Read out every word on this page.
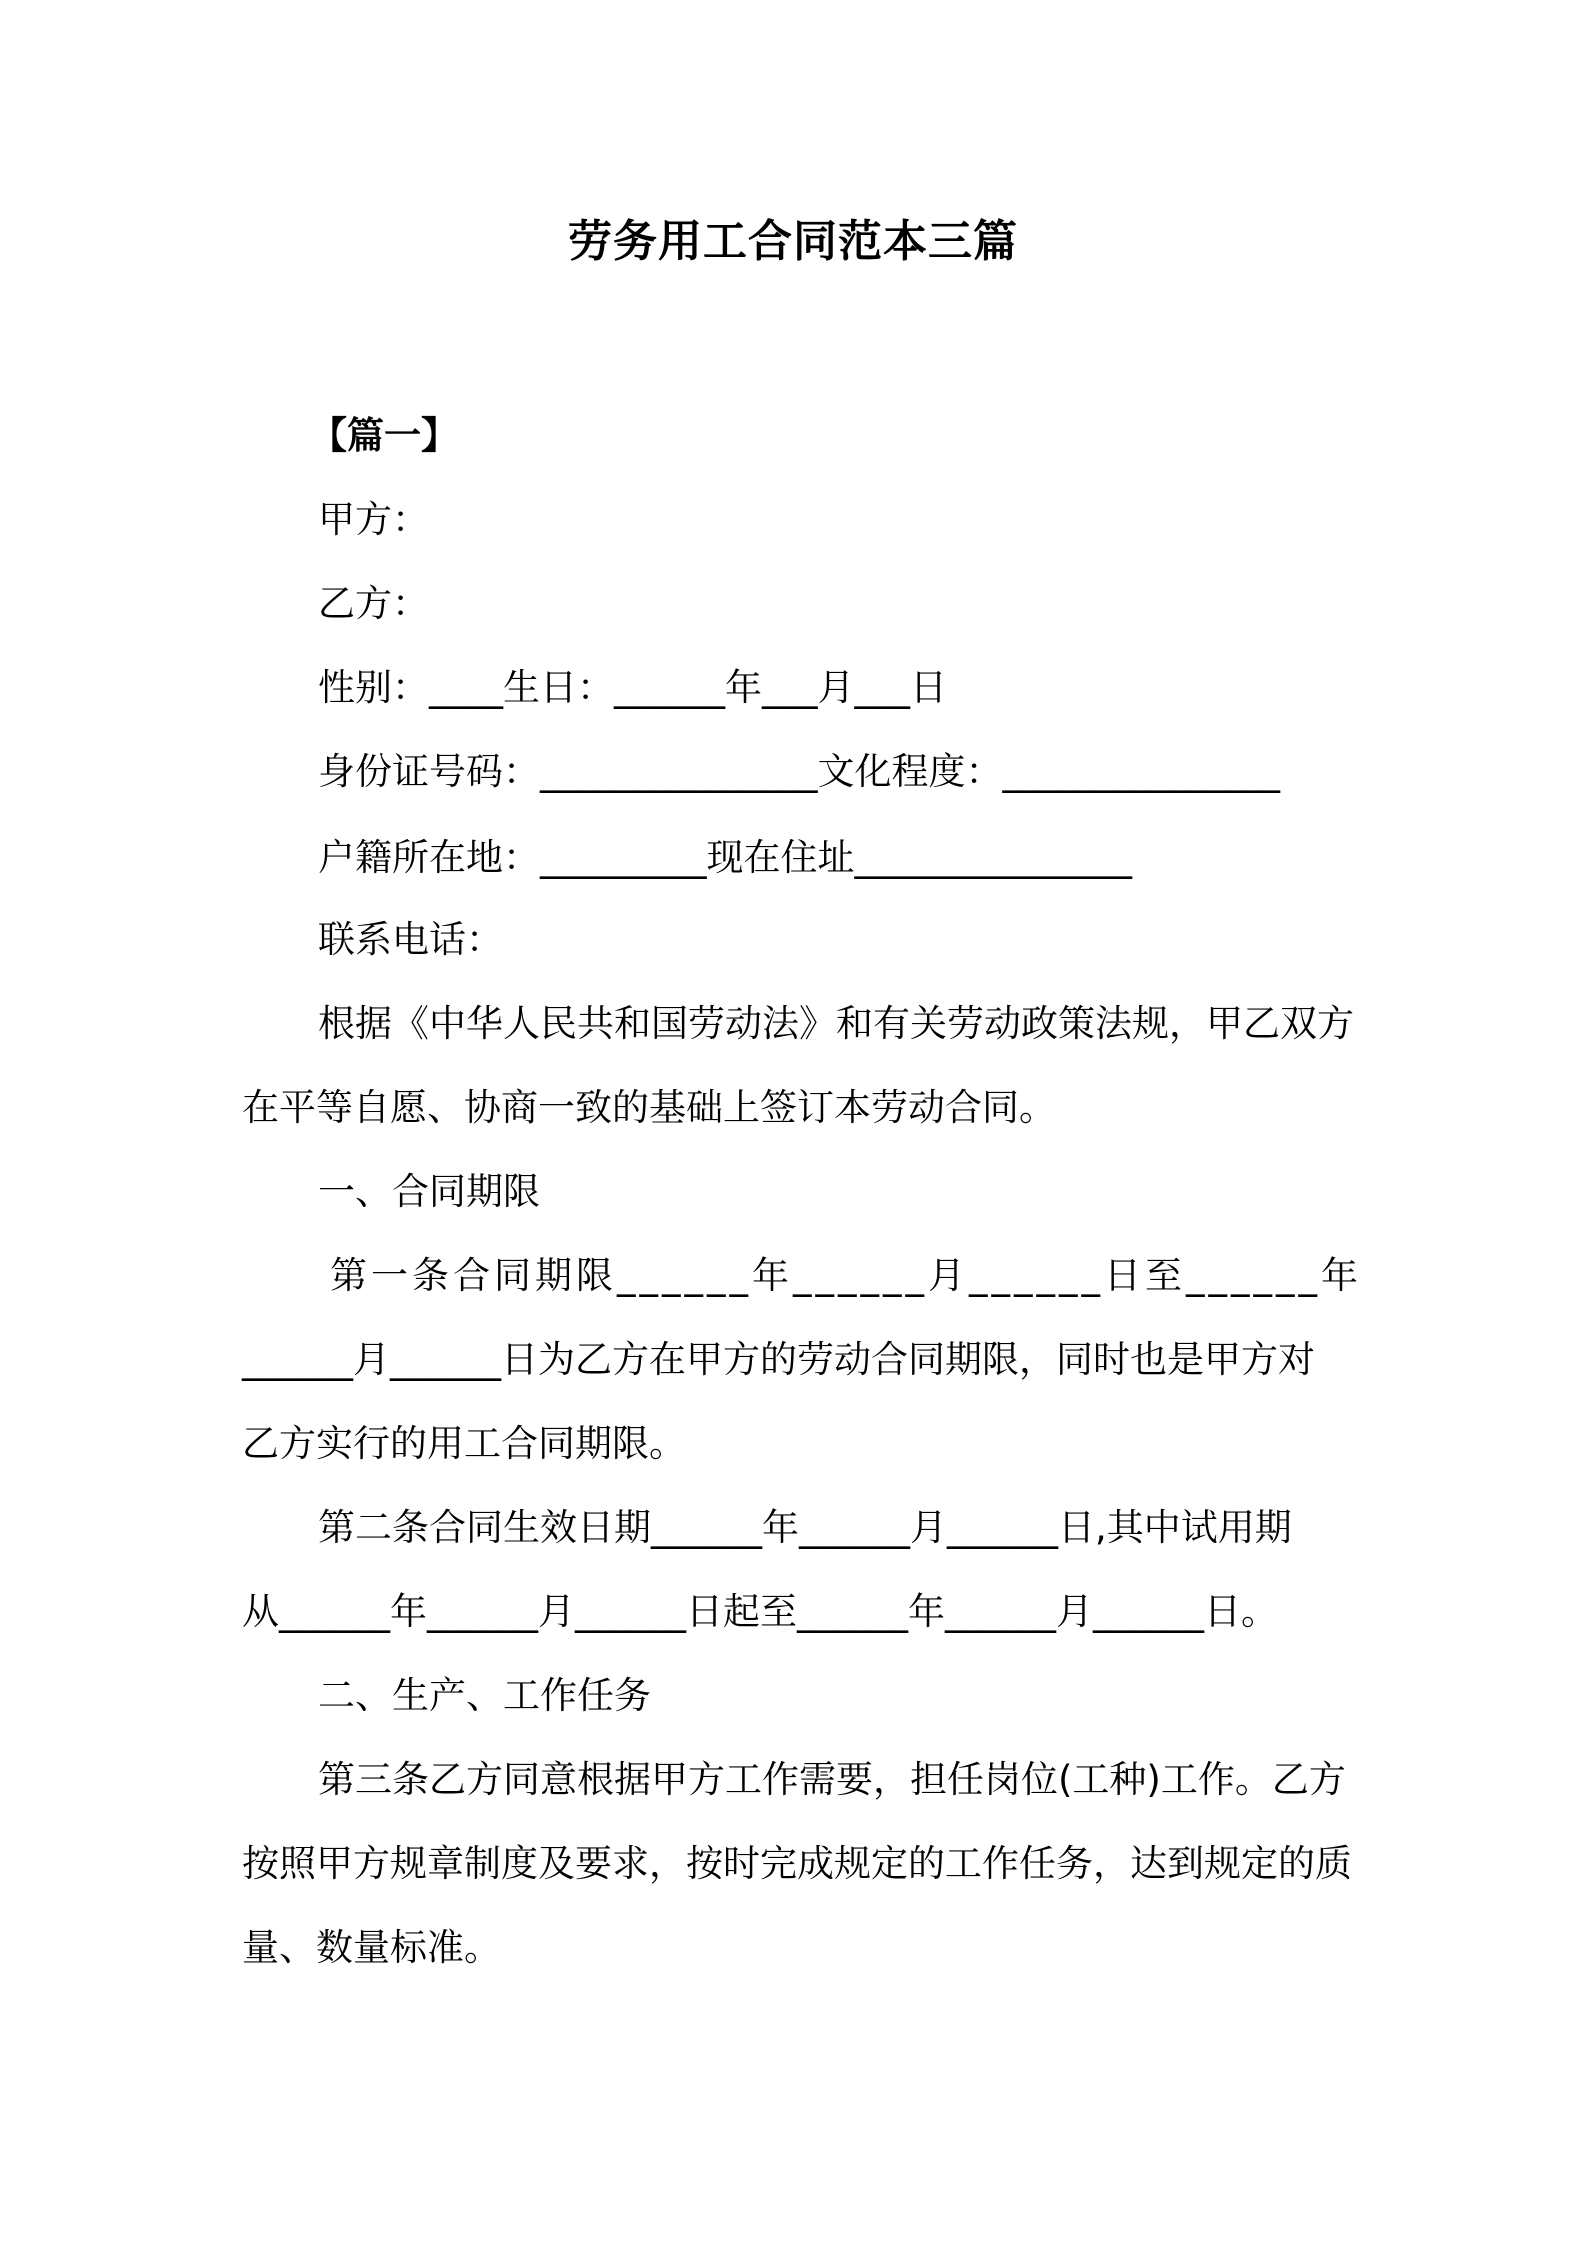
劳务用工合同范本三篇
【篇一】
甲方：
乙方：
性别：____生日：______年___月___日
身份证号码：_______________文化程度：_______________
户籍所在地：_________现在住址_______________
联系电话：
根据《中华人民共和国劳动法》和有关劳动政策法规，甲乙双方
在平等自愿、协商一致的基础上签订本劳动合同。
一、合同期限
第一条合同期限______年______月______日至______年
______月______日为乙方在甲方的劳动合同期限，同时也是甲方对
乙方实行的用工合同期限。
第二条合同生效日期______年______月______日,其中试用期
从______年______月______日起至______年______月______日。
二、生产、工作任务
第三条乙方同意根据甲方工作需要，担任岗位(工种)工作。乙方
按照甲方规章制度及要求，按时完成规定的工作任务，达到规定的质
量、数量标准。
